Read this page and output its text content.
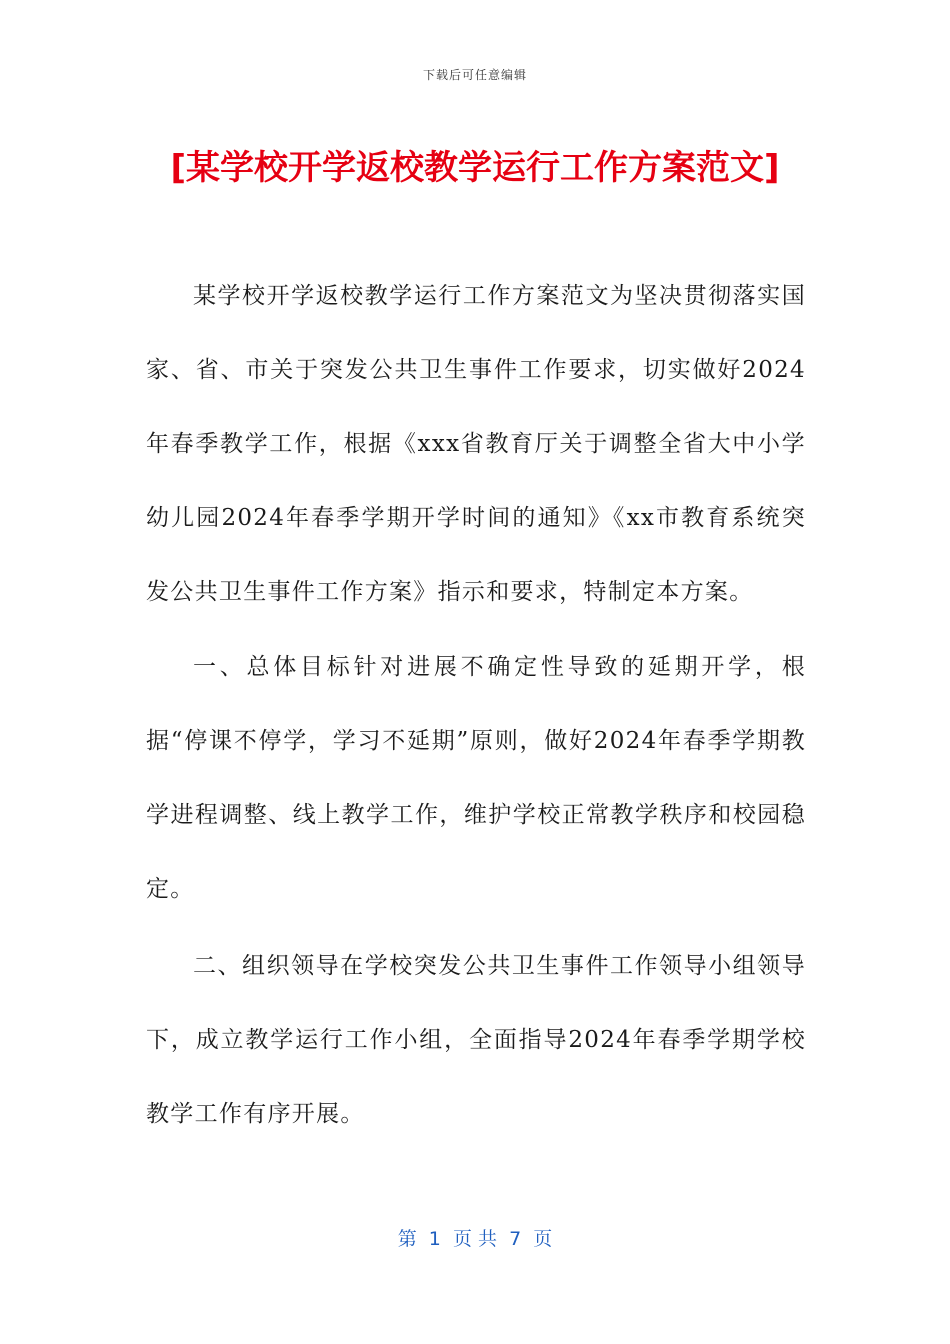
下载后可任意编辑
[某学校开学返校教学运行工作方案范文]

某学校开学返校教学运行工作方案范文为坚决贯彻落实国家、省、市关于突发公共卫生事件工作要求，切实做好2024年春季教学工作，根据《xxx省教育厅关于调整全省大中小学幼儿园2024年春季学期开学时间的通知》《xx市教育系统突发公共卫生事件工作方案》指示和要求，特制定本方案。

一、总体目标针对进展不确定性导致的延期开学，根据“停课不停学，学习不延期”原则，做好2024年春季学期教学进程调整、线上教学工作，维护学校正常教学秩序和校园稳定。

二、组织领导在学校突发公共卫生事件工作领导小组领导下，成立教学运行工作小组，全面指导2024年春季学期学校教学工作有序开展。

第  1  页 共  7  页
